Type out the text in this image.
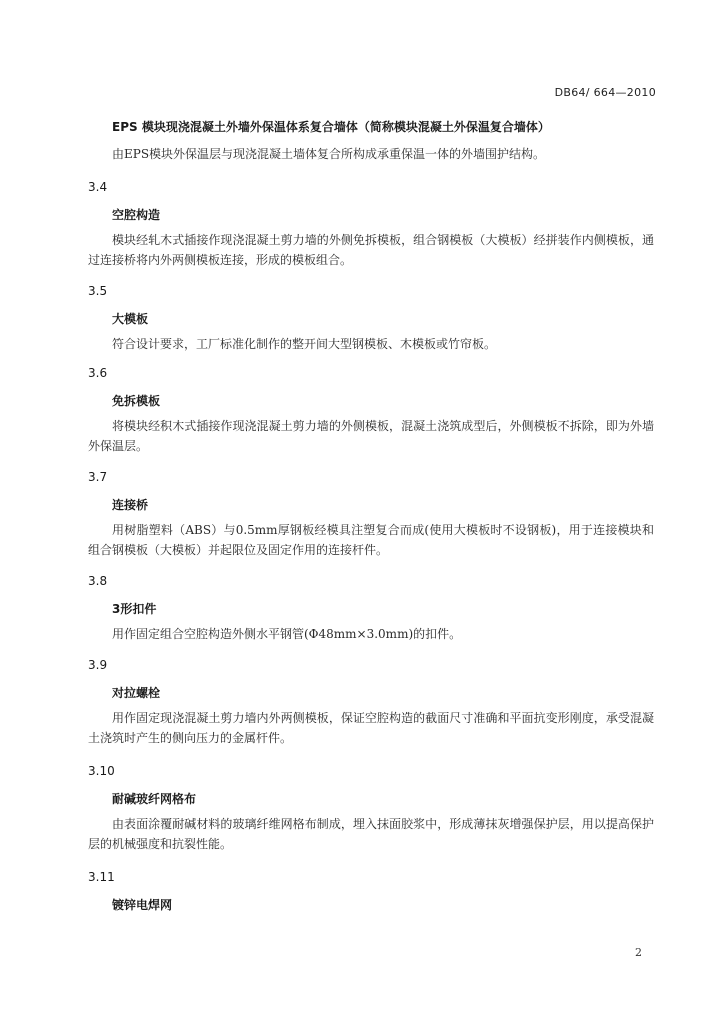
DB64/ 664—2010
EPS 模块现浇混凝土外墙外保温体系复合墙体（简称模块混凝土外保温复合墙体）
由EPS模块外保温层与现浇混凝土墙体复合所构成承重保温一体的外墙围护结构。
3.4
空腔构造
模块经轧木式插接作现浇混凝土剪力墙的外侧免拆模板，组合钢模板（大模板）经拼装作内侧模板，通过连接桥将内外两侧模板连接，形成的模板组合。
3.5
大模板
符合设计要求，工厂标准化制作的整开间大型钢模板、木模板或竹帘板。
3.6
免拆模板
将模块经积木式插接作现浇混凝土剪力墙的外侧模板，混凝土浇筑成型后，外侧模板不拆除，即为外墙外保温层。
3.7
连接桥
用树脂塑料（ABS）与0.5mm厚钢板经模具注塑复合而成(使用大模板时不设钢板)，用于连接模块和组合钢模板（大模板）并起限位及固定作用的连接杆件。
3.8
3形扣件
用作固定组合空腔构造外侧水平钢管(Φ48mm×3.0mm)的扣件。
3.9
对拉螺栓
用作固定现浇混凝土剪力墙内外两侧模板，保证空腔构造的截面尺寸准确和平面抗变形刚度，承受混凝土浇筑时产生的侧向压力的金属杆件。
3.10
耐碱玻纤网格布
由表面涂覆耐碱材料的玻璃纤维网格布制成，埋入抹面胶浆中，形成薄抹灰增强保护层，用以提高保护层的机械强度和抗裂性能。
3.11
镀锌电焊网
2
